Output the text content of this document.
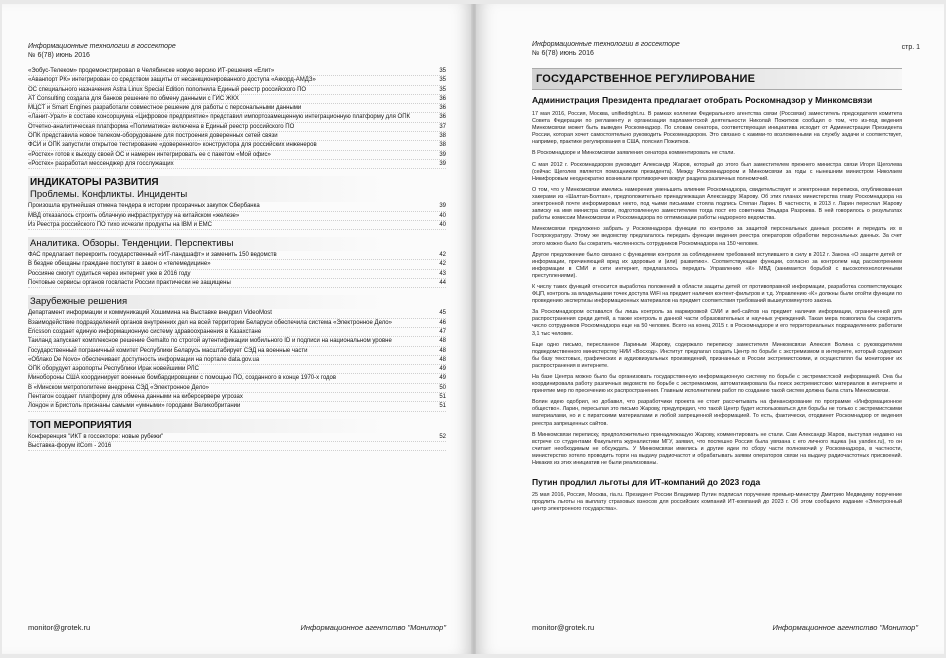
Информационные технологии в госсекторе
№ 6(78) июнь 2016
«Эобус-Телеком» продемонстрировал в Челябинске новую версию ИТ-решения «Елит»	35
«Аванпорт РК» интегрирован со средством защиты от несанкционированного доступа «Аккорд-АМДЗ»	35
ОС специального назначения Astra Linux Special Edition пополнила Единый реестр российского ПО	35
AT Consulting создала для банков решение по обмену данными с ГИС ЖКХ	36
МЦСТ и Smart Engines разработали совместное решение для работы с персональными данными	36
«Ланит-Урал» в составе консорциума «Цифровое предприятие» представил импортозамещенную интеграционную платформу для ОПК	36
Отчетно-аналитическая платформа «Полиматика» включена в Единый реестр российского ПО	37
ОПК представила новое телеком-оборудование для построения доверенных сетей связи	38
ФСИ и ОПК запустили открытое тестирование «доверенного» конструктора для российских инженеров	38
«Ростех» готов к выходу своей ОС и намерен интегрировать ее с пакетом «Мой офис»	39
«Ростех» разработал мессенджер для госслужащих	39
ИНДИКАТОРЫ РАЗВИТИЯ
Проблемы. Конфликты. Инциденты
Произошла крупнейшая отмена тендера в истории прозрачных закупок Сбербанка	39
МВД отказалось строить облачную инфраструктуру на китайском «железе»	40
Из Реестра российского ПО тихо исчезли продукты на IBM и ЕМС	40
Аналитика. Обзоры. Тенденции. Перспективы
ФАС предлагает перекроить государственный «ИТ-ландшафт» и заменить 150 ведомств	42
В бездне обещаны граждане поступят в закон о «телемедицине»	42
Россияне смогут судиться через интернет уже в 2016 году	43
Почтовые сервисы органов госвласти России практически не защищены	44
Зарубежные решения
Департамент информации и коммуникаций Хошимина на Выставке внедрил VideoMost	45
Взаимодействие подразделений органов внутренних дел на всей территории Беларуси обеспечила система «Электронное Дело»	46
Ericsson создает единую информационную систему здравоохранения в Казахстане	47
Таиланд запускает комплексное решение Gemalto по строгой аутентификации мобильного ID и подписи на национальном уровне	48
Государственный пограничный комитет Республики Беларусь масштабирует СЭД на военные части	48
«Облако De Novo» обеспечивает доступность информации на портале data.gov.ua	48
ОПК оборудует аэропорты Республики Ирак новейшими РЛС	49
Минобороны США координирует военные бомбардировщики с помощью ПО, созданного в конце 1970-х годов	49
В «Минском метрополитене внедрена СЭД «Электронное Дело»	50
Пентагон создает платформу для обмена данными на киберсервере угрозах	51
Лондон и Бристоль признаны самыми «умными» городами Великобритании	51
ТОП МЕРОПРИЯТИЯ
Конференция "ИКТ в госсекторе: новые рубежи"	52
Выставка-форум itCom - 2016
monitor@grotek.ru	Информационное агентство "Монитор"
Информационные технологии в госсекторе
№ 6(78) июнь 2016
стр. 1
ГОСУДАРСТВЕННОЕ РЕГУЛИРОВАНИЕ
Администрация Президента предлагает отобрать Роскомнадзор у Минкомсвязи
17 мая 2016, Россия, Москва, unifiedright.ru. В рамках коллегии Федерального агентства связи (Россвязи) заместитель председателя комитета Совета Федерации по регламенту и организации парламентской деятельности Николай Пожитков сообщил о том, что из-под ведения Минкомсвязи может быть выведен Роскомнадзор. По словам сенатора, соответствующая инициатива исходит от Администрации Президента России, которая хочет самостоятельно руководить Роскомнадзором. Это связано с какими-то возложенными на службу задачи и соответствует, например, практике регулирования в США, пояснил Пожитков.
В Роскомнадзоре и Минкомсвязи заявления сенатора комментировать не стали.
С мая 2012 г. Роскомнадзором руководит Александр Жаров, который до этого был заместителем прежнего министра связи Игоря Щеголева (сейчас Щеголев является помощником президента). Между Роскомнадзором и Минкомсвязи за годы с нынешним министром Николаем Никифоровым неоднократно возникали противоречия вокруг раздела различных полномочий.
О том, что у Минкомсвязи имелись намерения уменьшить влияние Роскомнадзора, свидетельствует и электронная переписка, опубликованная хакерами из «Шалтая-Болтая», предположительно принадлежащая Александру Жарову. Об этих планах министерства главу Роскомнадзора на электронной почте информировал некто, под чьими письмами стояла подпись Степан Ларин. В частности, в 2013 г. Ларин переслал Жарову записку на имя министра связи, подготовленную заместителем тогда пост его советника Эльдара Разроева. В ней говорилось о результатах работы комиссии Минкомсвязи и Роскомнадзора по оптимизации работы надзорного ведомства.
Минкомсвязи предложено забрать у Роскомнадзора функции по контролю за защитой персональных данных россиян и передать их в Госпрокуратуру. Этому же ведомству предлагалось передать функции ведения реестра операторов обработки персональных данных. За счет этого можно было бы сократить численность сотрудников Роскомнадзора на 150 человек.
Другое предложение было связано с функциями контроля за соблюдением требований вступившего в силу в 2012 г. Закона «О защите детей от информации, причиняющей вред их здоровью и (или) развитию». Соответствующие функции, согласно за контролем над рассмотрением информации в СМИ и сети интернет, предлагалось передать Управлению «К» МВД (занимается борьбой с высокотехнологичными преступлениями).
К числу таких функций относится выработка положений в области защиты детей от противоправной информации, разработка соответствующих ФЦП, контроль за владельцами точек доступа WiFi на предмет наличия контент-фильтров и т.д. Управлению «К» должны были отойти функции по проведению экспертизы информационных материалов на предмет соответствия требований вышеупомянутого закона.
За Роскомнадзором оставался бы лишь контроль за маркировкой СМИ и веб-сайтов на предмет наличия информации, ограниченной для распространения среди детей, а также контроль в данной части образовательных и научных учреждений. Такая мера позволила бы сократить число сотрудников Роскомнадзора еще на 50 человек. Всего на конец 2015 г. в Роскомнадзоре и его территориальных подразделениях работали 3,1 тыс человек.
Еще одно письмо, пересланное Лариным Жарову, содержало переписку заместителя Минкомсвязи Алексея Волина с руководителем подведомственного министерству НИИ «Восход». Институт предлагал создать Центр по борьбе с экстремизмом в интернете, который содержал бы базу текстовых, графических и аудиовизуальных произведений, признанных в России экстремистскими, и осуществлял бы мониторинг их распространения в интернете.
На базе Центра можно было бы организовать государственную информационную систему по борьбе с экстремистской информацией. Она бы координировала работу различных ведомств по борьбе с экстремизмом, автоматизировала бы поиск экстремистских материалов в интернете и принятие мер по пресечению их распространения. Главным исполнителем работ по созданию такой систем должна была стать Минкомсвязи.
Волин идею одобрил, но добавил, что разработчики проекта не стоит рассчитывать на финансирование по программе «Информационное общество». Ларин, пересылая это письмо Жарову, предупредил, что такой Центр будет использоваться для борьбы не только с экстремистскими материалами, но и с пиратскими материалами и любой запрещенной информацией. То есть, фактически, отодвинет Роскомнадзор от ведения реестра запрещенных сайтов.
В Минкомсвязи переписку, предположительно принадлежащую Жарову, комментировать не стали. Сам Александр Жаров, выступая недавно на встрече со студентами Факультета журналистики МГУ, заявил, что поспешно Россия была увязана с его личного ящика (на yandex.ru), то он считает необходимым не обсуждать. У Минкомсвязи имелись и другие идеи по сбору части полномочий у Роскомнадзора, в частности, министерство хотело проводить торги на выдачу радиочастот и обрабатывать заявки операторов связи на выдачу радиочастотных присвоений. Никаких из этих инициатив не были реализованы.
Путин продлил льготы для ИТ-компаний до 2023 года
25 мая 2016, Россия, Москва, ria.ru. Президент России Владимир Путин подписал поручение премьер-министру Дмитрию Медведеву поручение продлить льготы на выплату страховых взносов для российских компаний ИТ-компаний до 2023 г. Об этом сообщило издание «Электронный центр электронного государства».
monitor@grotek.ru	Информационное агентство "Монитор"
